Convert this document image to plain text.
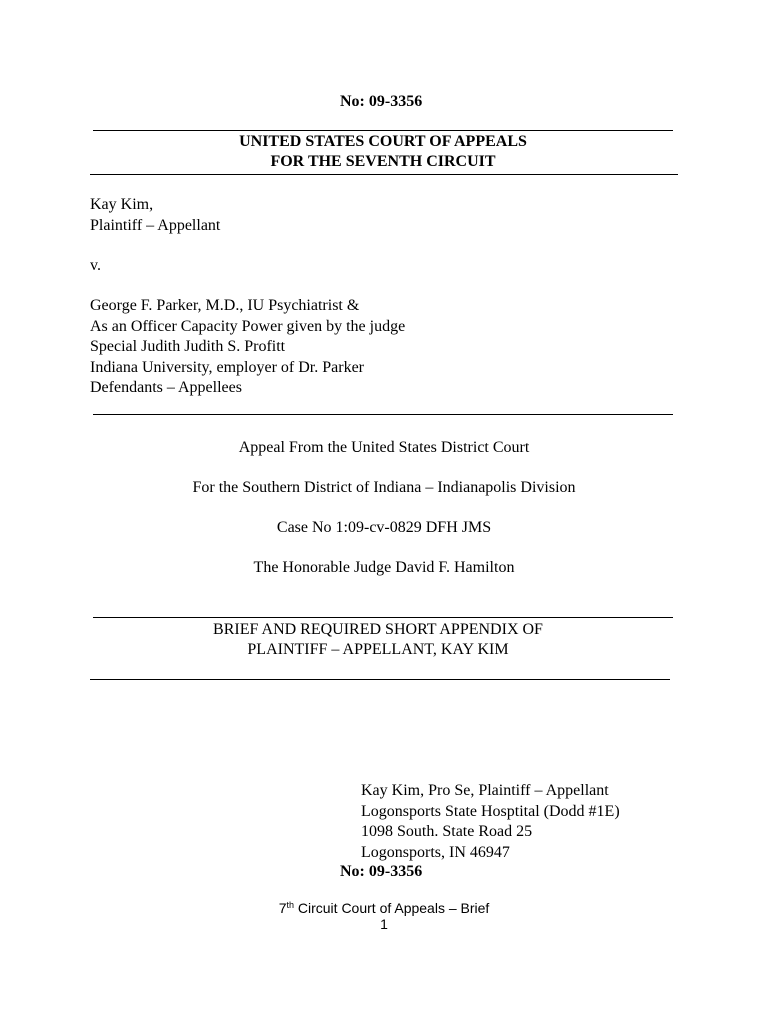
No: 09-3356
UNITED STATES COURT OF APPEALS
FOR THE SEVENTH CIRCUIT
Kay Kim,
Plaintiff – Appellant
v.
George F. Parker, M.D., IU Psychiatrist &
As an Officer Capacity Power given by the judge
Special Judith Judith S. Profitt
Indiana University, employer of Dr. Parker
Defendants – Appellees
Appeal From the United States District Court
For the Southern District of Indiana – Indianapolis Division
Case No 1:09-cv-0829 DFH JMS
The Honorable Judge David F. Hamilton
BRIEF AND REQUIRED SHORT APPENDIX OF
PLAINTIFF – APPELLANT, KAY KIM
Kay Kim, Pro Se, Plaintiff – Appellant
Logonsports State Hosptital (Dodd #1E)
1098 South. State Road 25
Logonsports, IN 46947
No: 09-3356
7th Circuit Court of Appeals – Brief
1
